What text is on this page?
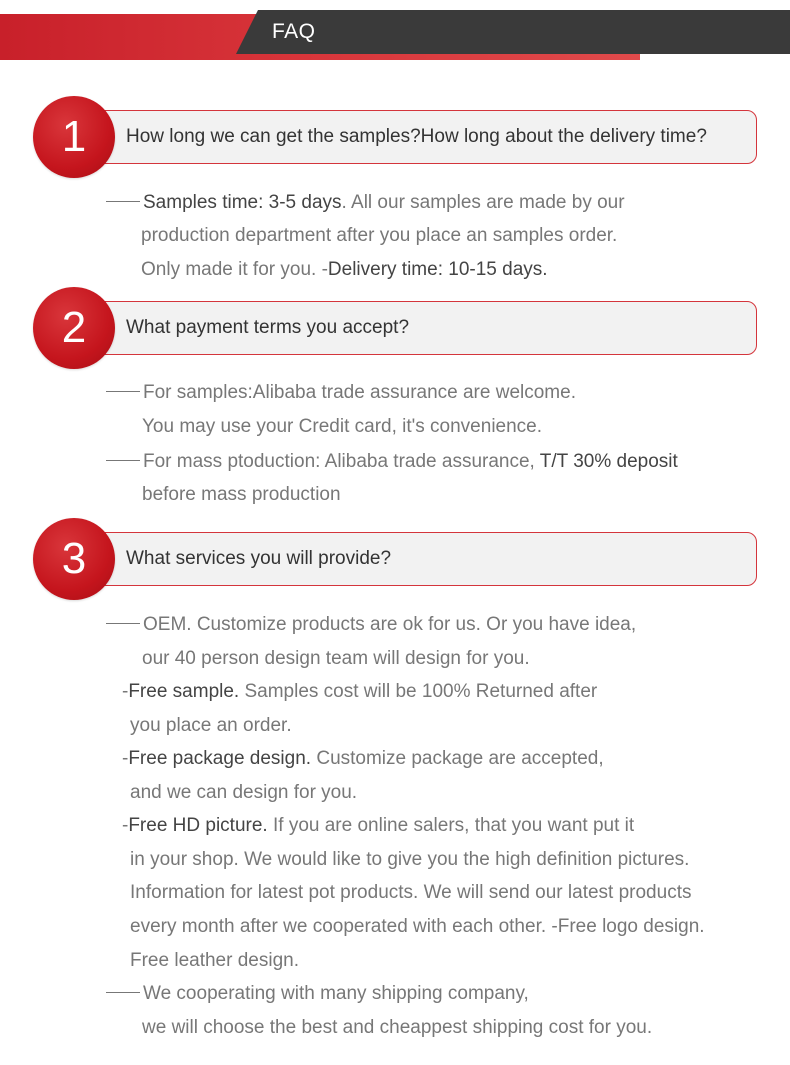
FAQ
1	How long we can get the samples?How long about the delivery time?
Samples time: 3-5 days. All our samples are made by our
production department after you place an samples order.
Only made it for you. -Delivery time: 10-15 days.
2	What payment terms you accept?
For samples:Alibaba trade assurance are welcome.
You may use your Credit card, it's convenience.
For mass ptoduction: Alibaba trade assurance, T/T 30% deposit
before mass production
3	What services you will provide?
OEM. Customize products are ok for us. Or you have idea,
our 40 person design team will design for you.
-Free sample. Samples cost will be 100% Returned after
you place an order.
-Free package design. Customize package are accepted,
and we can design for you.
-Free HD picture. If you are online salers, that you want put it
in your shop. We would like to give you the high definition pictures.
Information for latest pot products. We will send our latest products
every month after we cooperated with each other. -Free logo design.
Free leather design.
We cooperating with many shipping company,
we will choose the best and cheappest shipping cost for you.
